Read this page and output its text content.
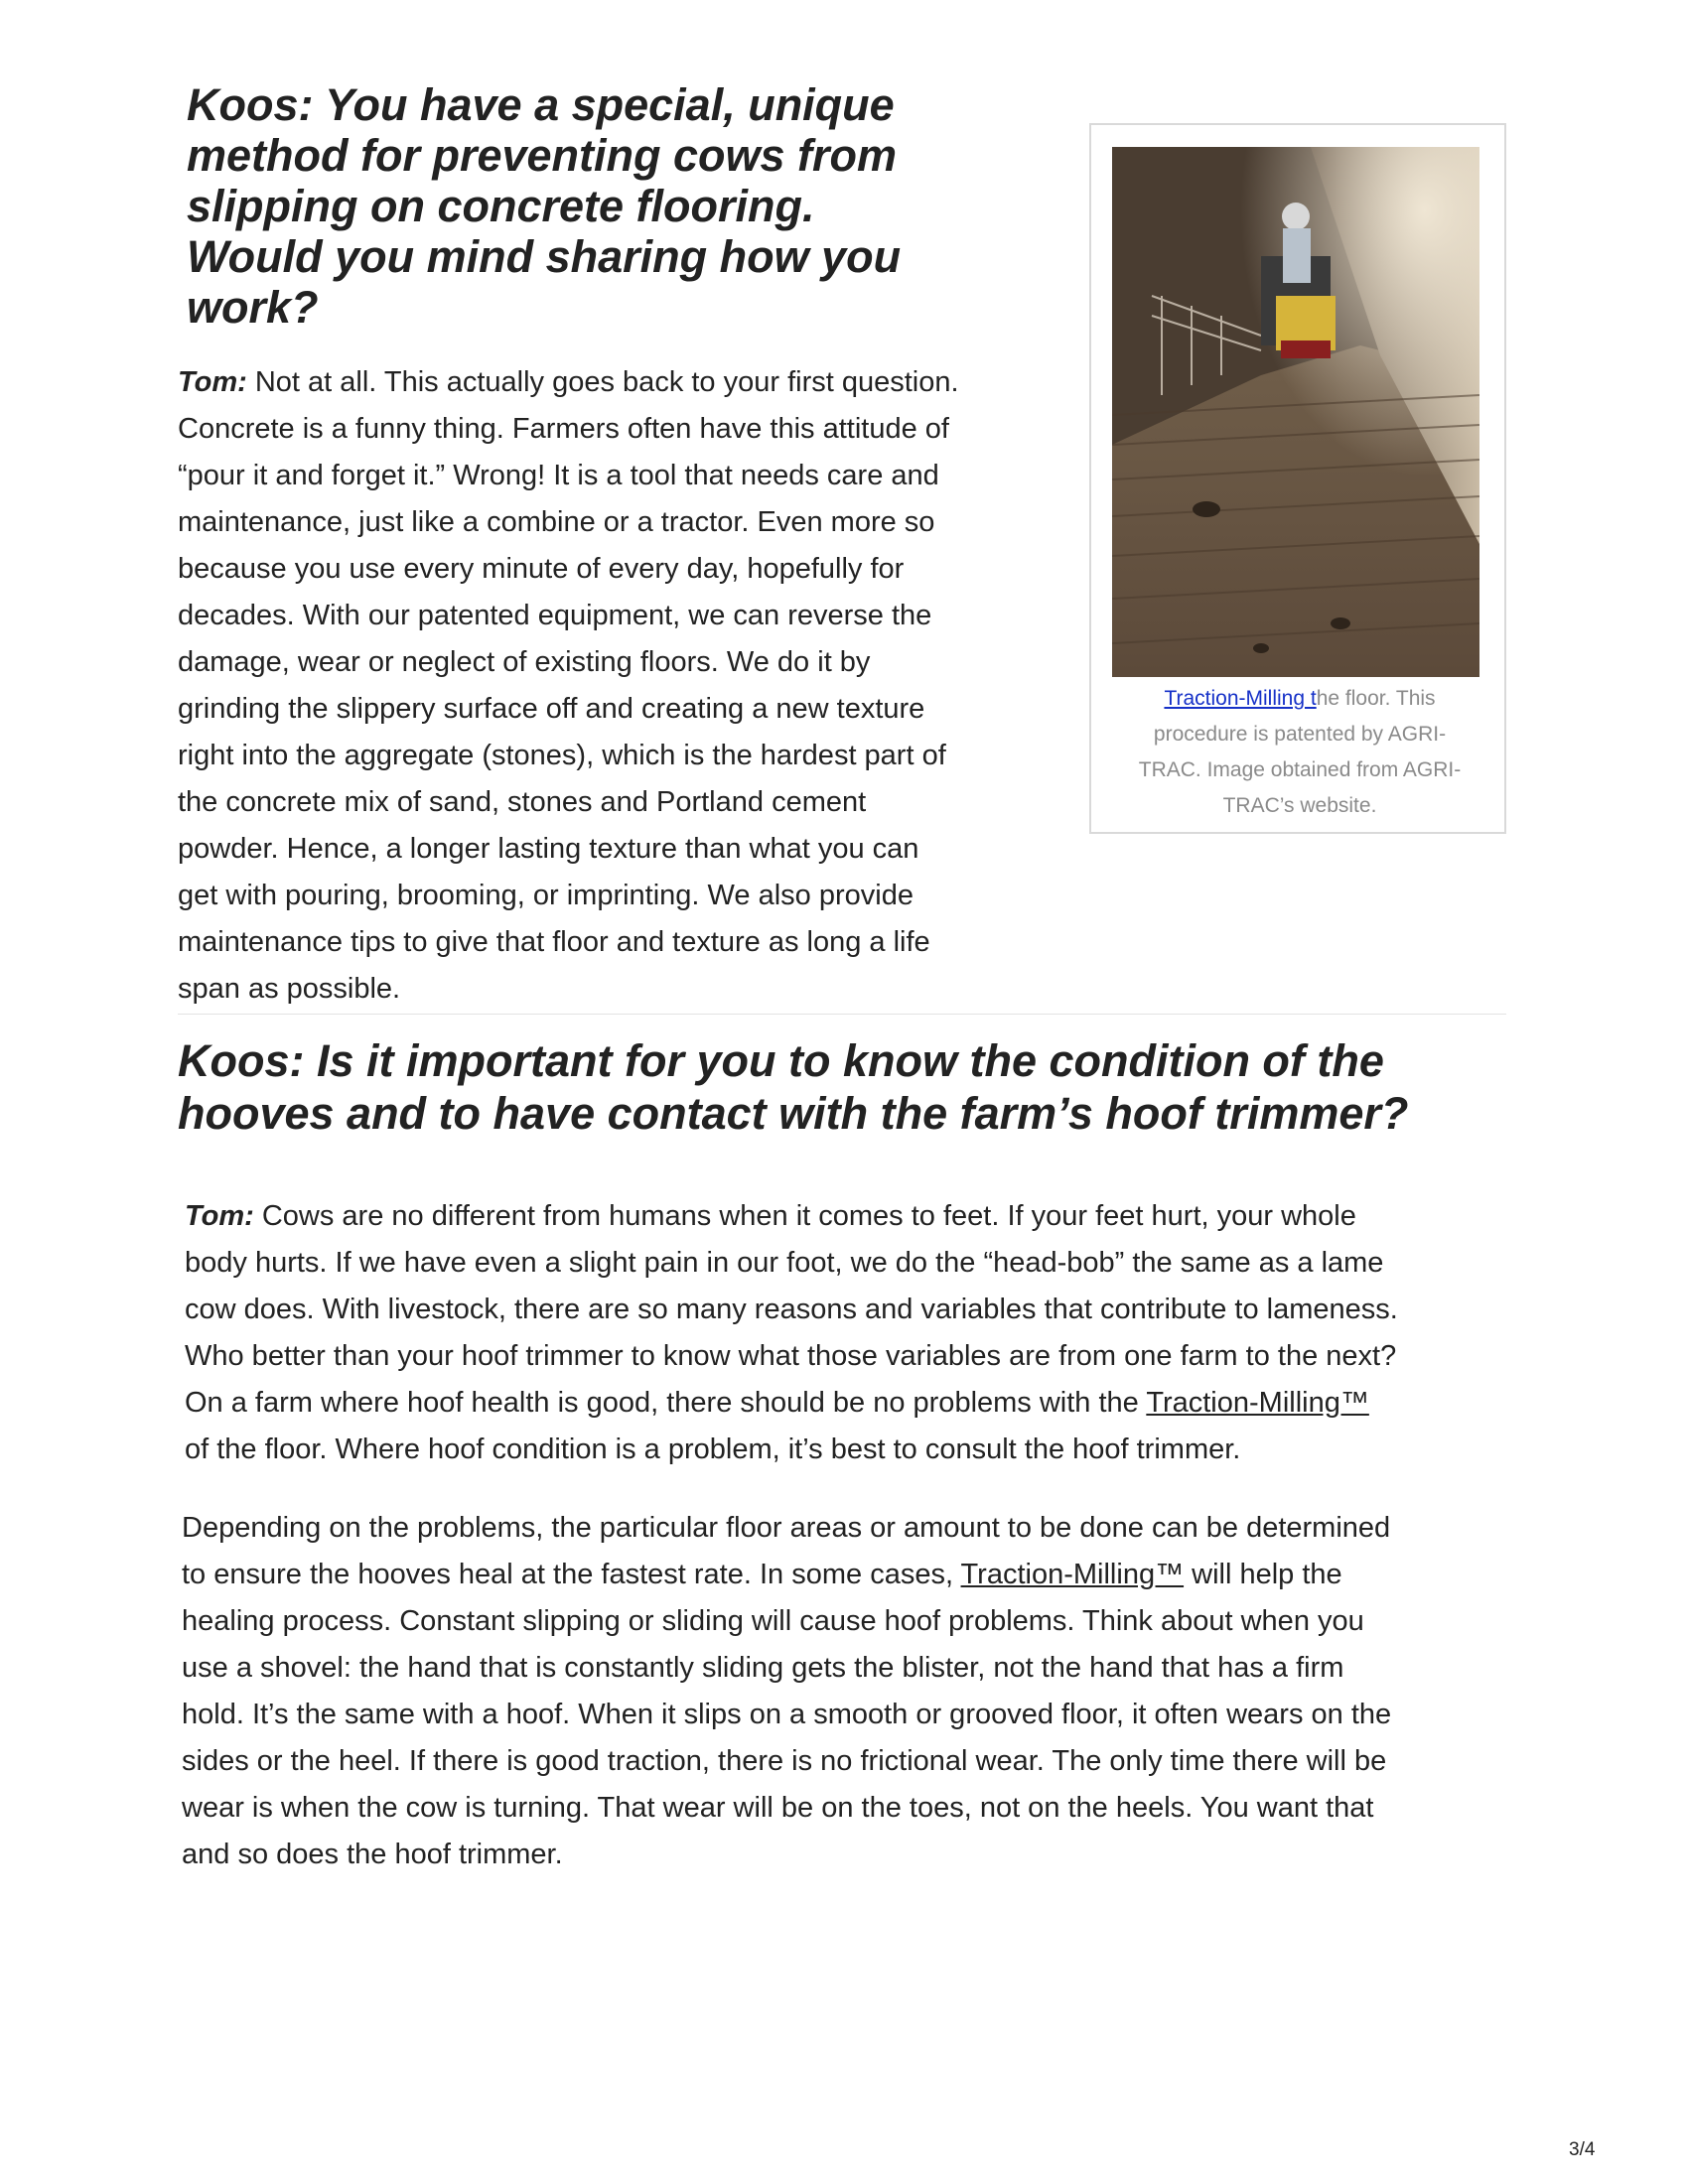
Koos: You have a special, unique
method for preventing cows from
slipping on concrete flooring.
Would you mind sharing how you
work?

Tom: Not at all. This actually goes back to your first question.
Concrete is a funny thing. Farmers often have this attitude of
“pour it and forget it.” Wrong! It is a tool that needs care and
maintenance, just like a combine or a tractor. Even more so
because you use every minute of every day, hopefully for
decades. With our patented equipment, we can reverse the
damage, wear or neglect of existing floors. We do it by
grinding the slippery surface off and creating a new texture
right into the aggregate (stones), which is the hardest part of
the concrete mix of sand, stones and Portland cement
powder. Hence, a longer lasting texture than what you can
get with pouring, brooming, or imprinting. We also provide
maintenance tips to give that floor and texture as long a life
span as possible.

Traction-Milling the floor. This
procedure is patented by AGRI-
TRAC. Image obtained from AGRI-
TRAC’s website.

Koos: Is it important for you to know the condition of the
hooves and to have contact with the farm’s hoof trimmer?

Tom: Cows are no different from humans when it comes to feet. If your feet hurt, your whole
body hurts. If we have even a slight pain in our foot, we do the “head-bob” the same as a lame
cow does. With livestock, there are so many reasons and variables that contribute to lameness.
Who better than your hoof trimmer to know what those variables are from one farm to the next?
On a farm where hoof health is good, there should be no problems with the Traction-Milling™
of the floor. Where hoof condition is a problem, it’s best to consult the hoof trimmer.

Depending on the problems, the particular floor areas or amount to be done can be determined
to ensure the hooves heal at the fastest rate. In some cases, Traction-Milling™ will help the
healing process. Constant slipping or sliding will cause hoof problems. Think about when you
use a shovel: the hand that is constantly sliding gets the blister, not the hand that has a firm
hold. It’s the same with a hoof. When it slips on a smooth or grooved floor, it often wears on the
sides or the heel. If there is good traction, there is no frictional wear. The only time there will be
wear is when the cow is turning. That wear will be on the toes, not on the heels. You want that
and so does the hoof trimmer.

3/4
